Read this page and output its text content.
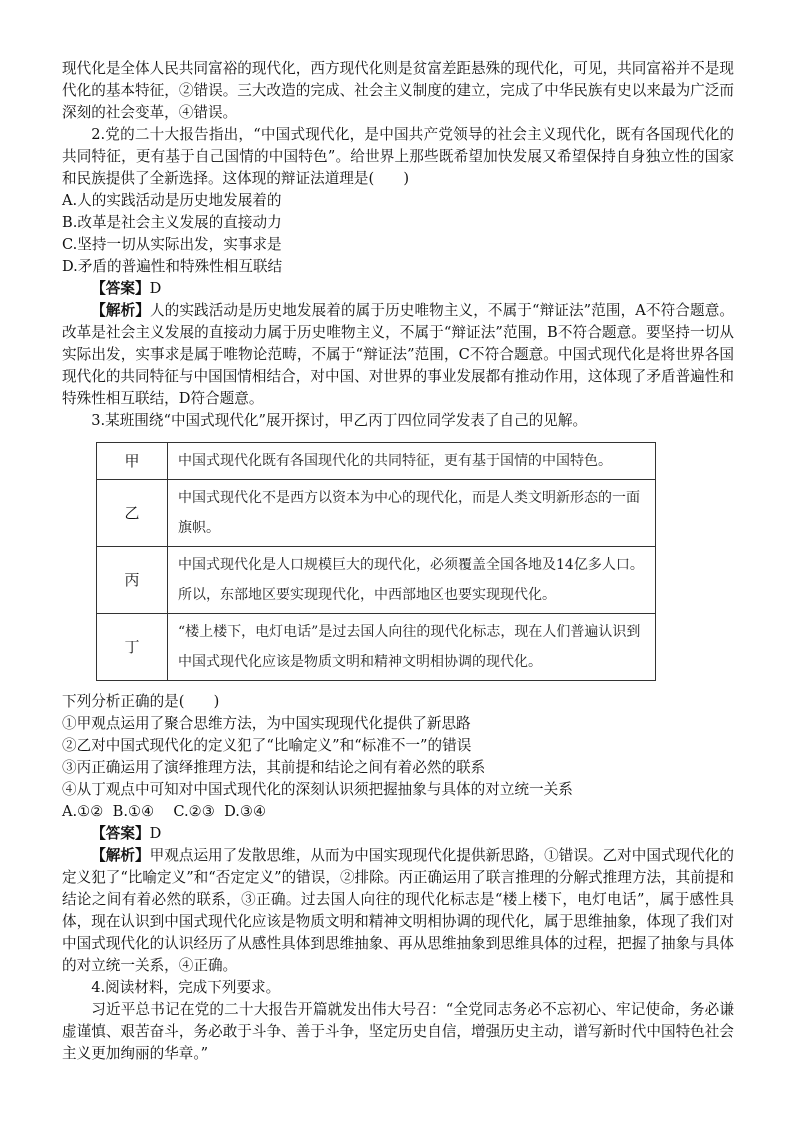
现代化是全体人民共同富裕的现代化，西方现代化则是贫富差距悬殊的现代化，可见，共同富裕并不是现代化的基本特征，②错误。三大改造的完成、社会主义制度的建立，完成了中华民族有史以来最为广泛而深刻的社会变革，④错误。

2.党的二十大报告指出，“中国式现代化，是中国共产党领导的社会主义现代化，既有各国现代化的共同特征，更有基于自己国情的中国特色”。给世界上那些既希望加快发展又希望保持自身独立性的国家和民族提供了全新选择。这体现的辩证法道理是(　　)

A.人的实践活动是历史地发展着的

B.改革是社会主义发展的直接动力

C.坚持一切从实际出发，实事求是

D.矛盾的普遍性和特殊性相互联结

【答案】D

【解析】人的实践活动是历史地发展着的属于历史唯物主义，不属于“辩证法”范围，A不符合题意。改革是社会主义发展的直接动力属于历史唯物主义，不属于“辩证法”范围，B不符合题意。要坚持一切从实际出发，实事求是属于唯物论范畴，不属于“辩证法”范围，C不符合题意。中国式现代化是将世界各国现代化的共同特征与中国国情相结合，对中国、对世界的事业发展都有推动作用，这体现了矛盾普遍性和特殊性相互联结，D符合题意。

3.某班围绕“中国式现代化”展开探讨，甲乙丙丁四位同学发表了自己的见解。

甲	中国式现代化既有各国现代化的共同特征，更有基于国情的中国特色。
乙	中国式现代化不是西方以资本为中心的现代化，而是人类文明新形态的一面旗帜。
丙	中国式现代化是人口规模巨大的现代化，必须覆盖全国各地及14亿多人口。所以，东部地区要实现现代化，中西部地区也要实现现代化。
丁	“楼上楼下，电灯电话”是过去国人向往的现代化标志，现在人们普遍认识到中国式现代化应该是物质文明和精神文明相协调的现代化。

下列分析正确的是(　　)

①甲观点运用了聚合思维方法，为中国实现现代化提供了新思路

②乙对中国式现代化的定义犯了“比喻定义”和“标准不一”的错误

③丙正确运用了演绎推理方法，其前提和结论之间有着必然的联系

④从丁观点中可知对中国式现代化的深刻认识须把握抽象与具体的对立统一关系

A.①②  B.①④　 C.②③  D.③④

【答案】D

【解析】甲观点运用了发散思维，从而为中国实现现代化提供新思路，①错误。乙对中国式现代化的定义犯了“比喻定义”和“否定定义”的错误，②排除。丙正确运用了联言推理的分解式推理方法，其前提和结论之间有着必然的联系，③正确。过去国人向往的现代化标志是“楼上楼下，电灯电话”，属于感性具体，现在认识到中国式现代化应该是物质文明和精神文明相协调的现代化，属于思维抽象，体现了我们对中国式现代化的认识经历了从感性具体到思维抽象、再从思维抽象到思维具体的过程，把握了抽象与具体的对立统一关系，④正确。

4.阅读材料，完成下列要求。

习近平总书记在党的二十大报告开篇就发出伟大号召：“全党同志务必不忘初心、牢记使命，务必谦虚谨慎、艰苦奋斗，务必敢于斗争、善于斗争，坚定历史自信，增强历史主动，谱写新时代中国特色社会主义更加绚丽的华章。”
